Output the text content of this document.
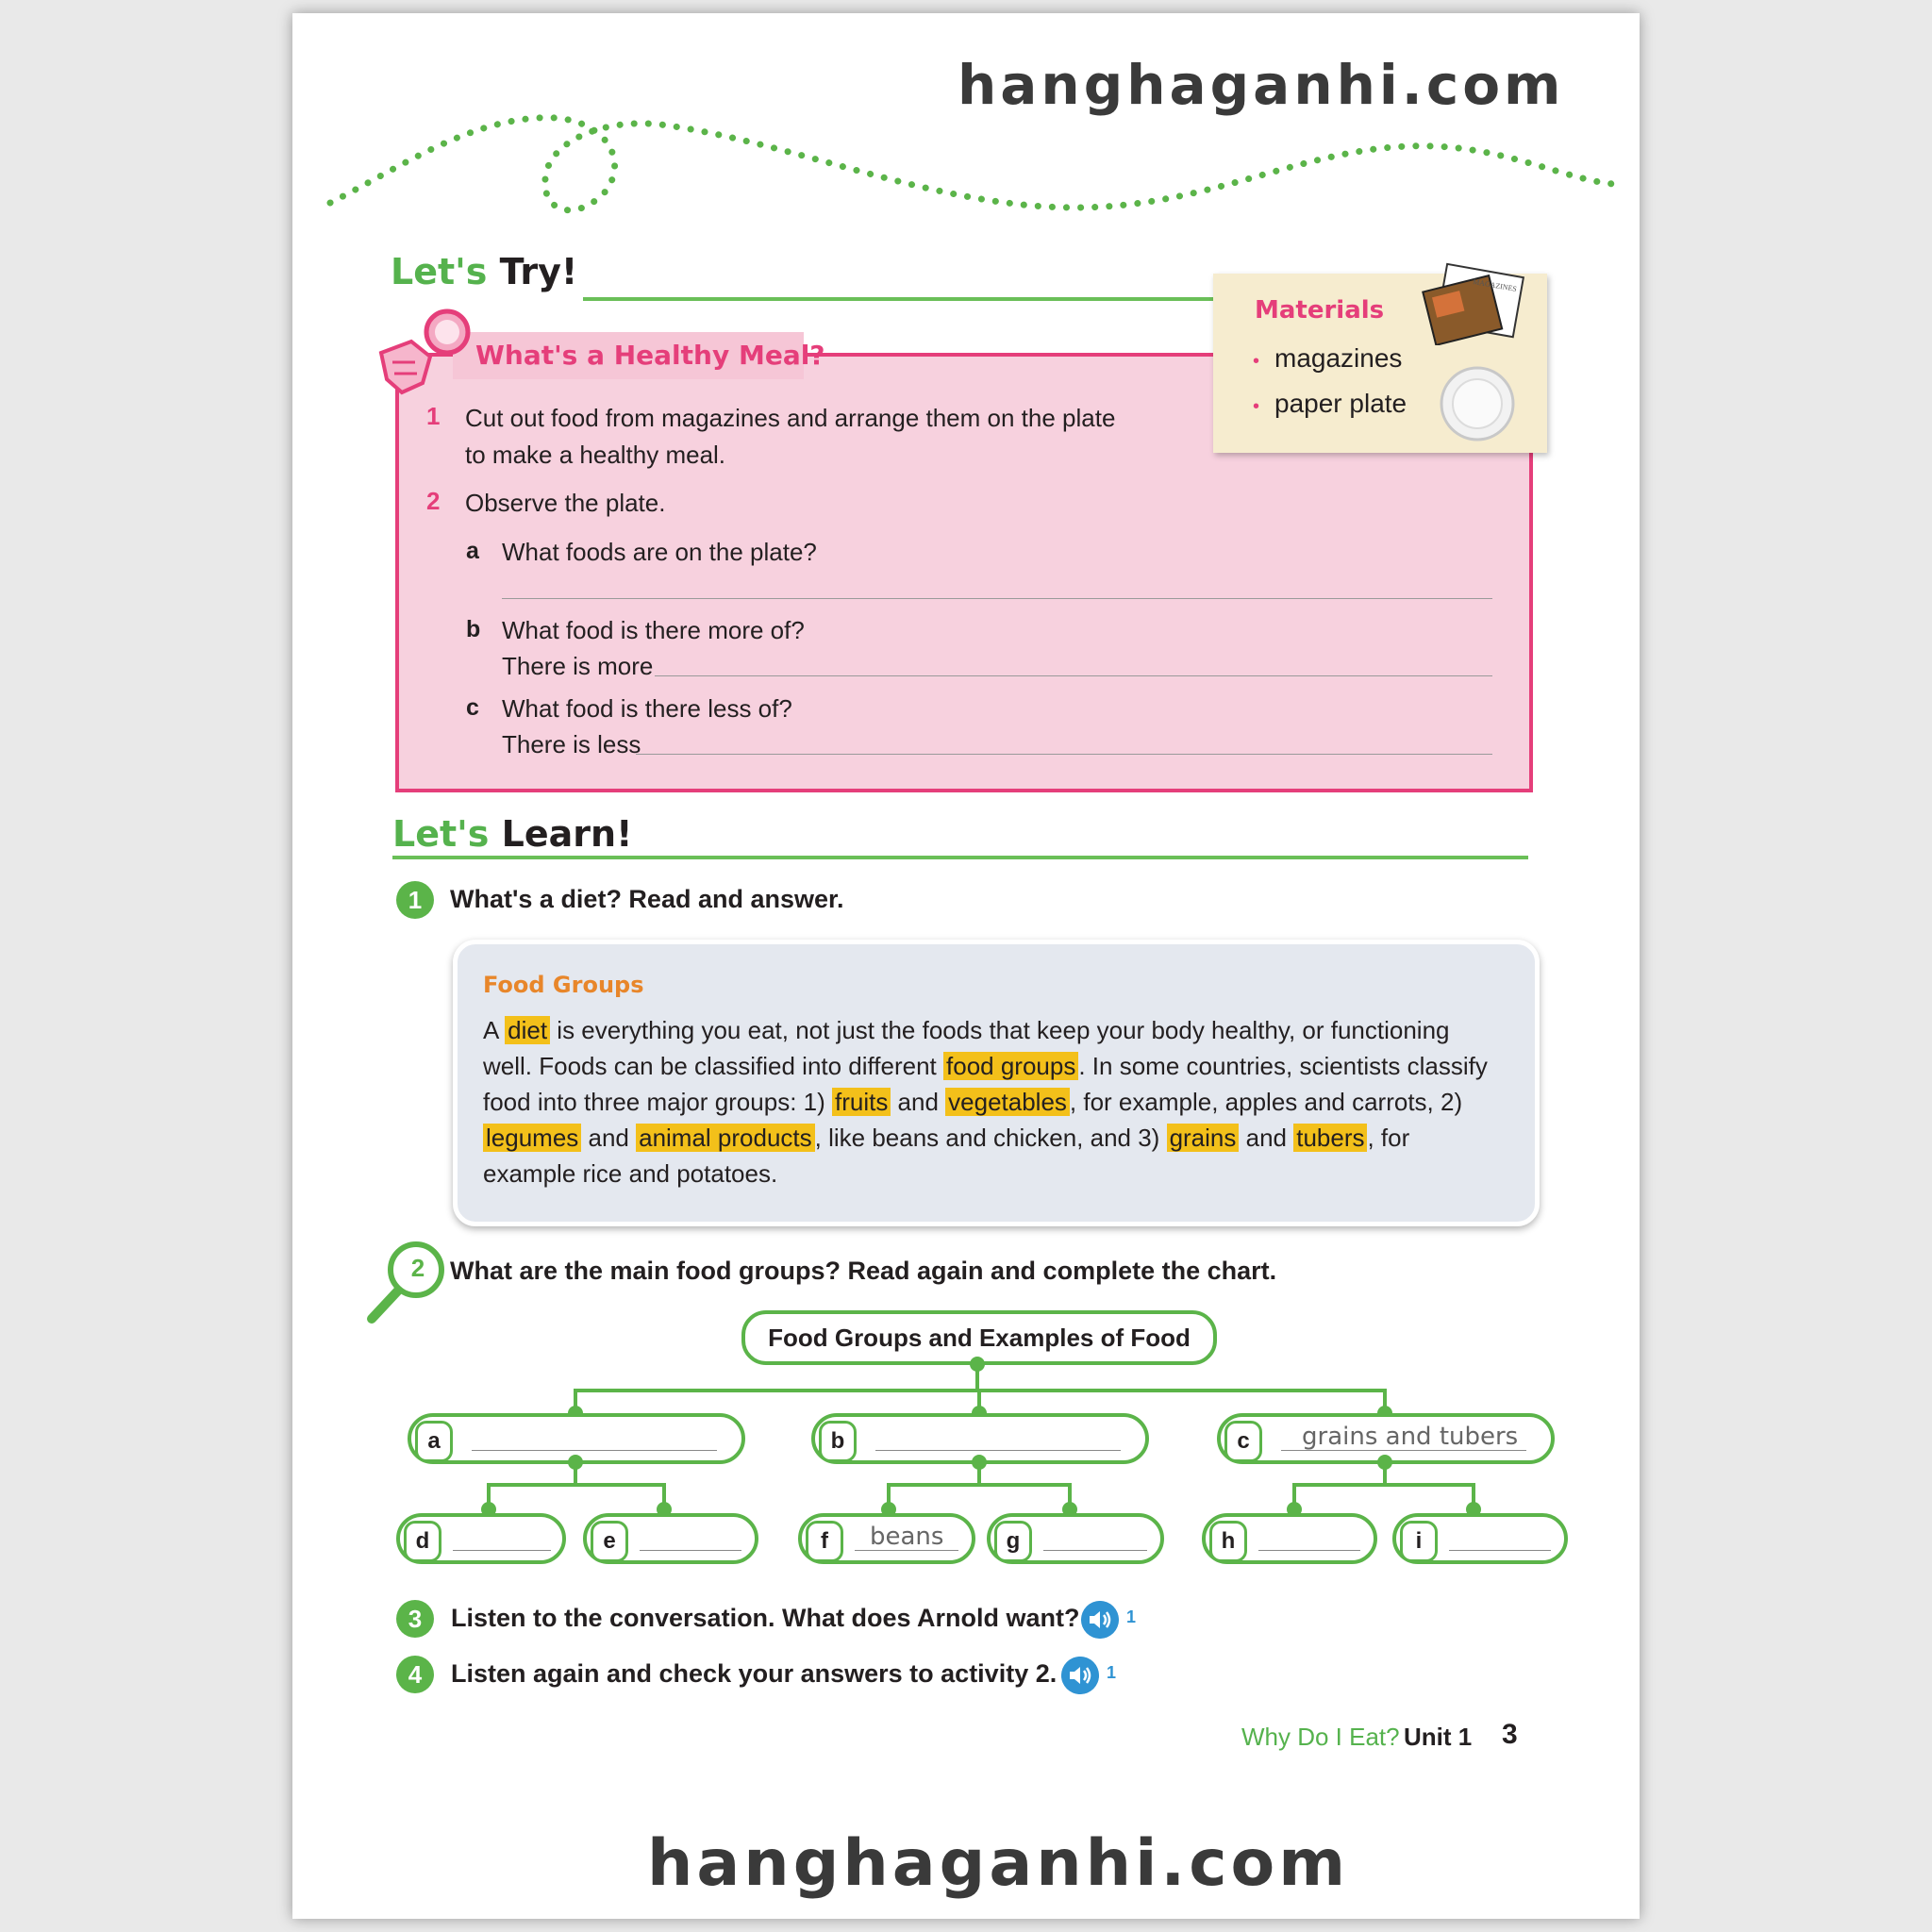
hanghaganhi.com
Let's Try!
What's a Healthy Meal?
Materials
• magazines
• paper plate
MAGAZINES
1 Cut out food from magazines and arrange them on the plate
to make a healthy meal.
2 Observe the plate.
a What foods are on the plate?
b What food is there more of?
There is more
c What food is there less of?
There is less
Let's Learn!
1	What's a diet? Read and answer.
Food Groups
A diet is everything you eat, not just the foods that keep your body healthy, or functioning well. Foods can be classified into different food groups . In some countries, scientists classify food into three major groups: 1) fruits and vegetables , for example, apples and carrots, 2) legumes and animal products , like beans and chicken, and 3) grains and tubers , for example rice and potatoes.
2 What are the main food groups? Read again and complete the chart.
Food Groups and Examples of Food
a	b	c	grains and tubers
d	e	f	beans	g	h	i
3	Listen to the conversation. What does Arnold want?	1
4	Listen again and check your answers to activity 2.	1
Why Do I Eat? Unit 1 3
hanghaganhi.com
